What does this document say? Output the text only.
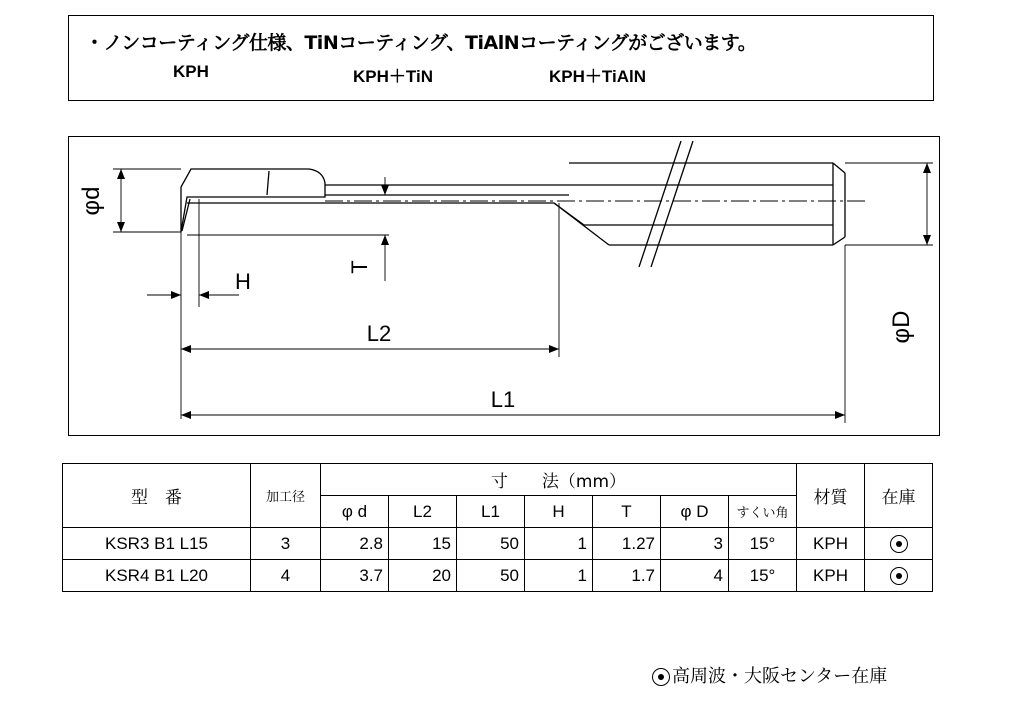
・ノンコーティング仕様、TiNコーティング、TiAlNコーティングがございます。
KPH	KPH＋TiN	KPH＋TiAlN
φd
T
H
L2
L1
φD
型　番	加工径	寸　　法（mm）							材質	在庫
		φ d	L2	L1	H	T	φ D	すくい角		
KSR3 B1 L15	3	2.8	15	50	1	1.27	3	15°	KPH	
KSR4 B1 L20	4	3.7	20	50	1	1.7	4	15°	KPH	
高周波・大阪センター在庫
